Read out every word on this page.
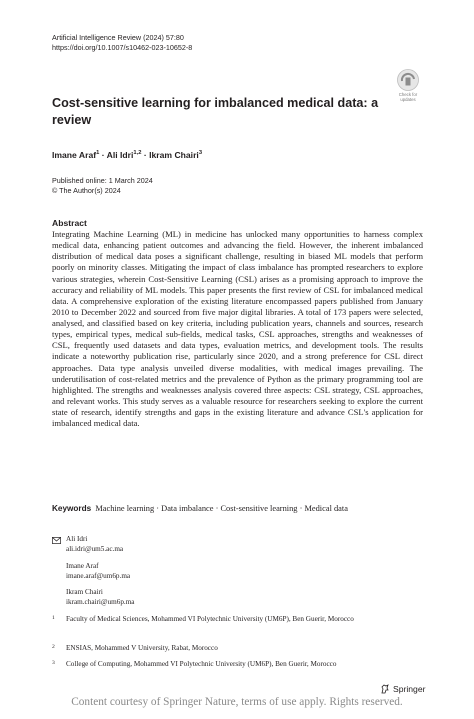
Artificial Intelligence Review (2024) 57:80
https://doi.org/10.1007/s10462-023-10652-8
Check for
updates
Cost-sensitive learning for imbalanced medical data: a review
Imane Araf$^1$ · Ali Idri$^{1,2}$ · Ikram Chairi$^3$
Published online: 1 March 2024
© The Author(s) 2024
Abstract
Integrating Machine Learning (ML) in medicine has unlocked many opportunities to harness complex medical data, enhancing patient outcomes and advancing the field. However, the inherent imbalanced distribution of medical data poses a significant challenge, resulting in biased ML models that perform poorly on minority classes. Mitigating the impact of class imbalance has prompted researchers to explore various strategies, wherein Cost-Sensitive Learning (CSL) arises as a promising approach to improve the accuracy and reliability of ML models. This paper presents the first review of CSL for imbalanced medical data. A comprehensive exploration of the existing literature encompassed papers published from January 2010 to December 2022 and sourced from five major digital libraries. A total of 173 papers were selected, analysed, and classified based on key criteria, including publication years, channels and sources, research types, empirical types, medical sub-fields, medical tasks, CSL approaches, strengths and weaknesses of CSL, frequently used datasets and data types, evaluation metrics, and development tools. The results indicate a noteworthy publication rise, particularly since 2020, and a strong preference for CSL direct approaches. Data type analysis unveiled diverse modalities, with medical images prevailing. The underutilisation of cost-related metrics and the prevalence of Python as the primary programming tool are highlighted. The strengths and weaknesses analysis covered three aspects: CSL strategy, CSL approaches, and relevant works. This study serves as a valuable resource for researchers seeking to explore the current state of research, identify strengths and gaps in the existing literature and advance CSL's application for imbalanced medical data.
Keywords Machine learning · Data imbalance · Cost-sensitive learning · Medical data
Ali Idri
ali.idri@um5.ac.ma
Imane Araf
imane.araf@um6p.ma
Ikram Chairi
ikram.chairi@um6p.ma
1 Faculty of Medical Sciences, Mohammed VI Polytechnic University (UM6P), Ben Guerir, Morocco
2 ENSIAS, Mohammed V University, Rabat, Morocco
3 College of Computing, Mohammed VI Polytechnic University (UM6P), Ben Guerir, Morocco
Springer
Content courtesy of Springer Nature, terms of use apply. Rights reserved.
